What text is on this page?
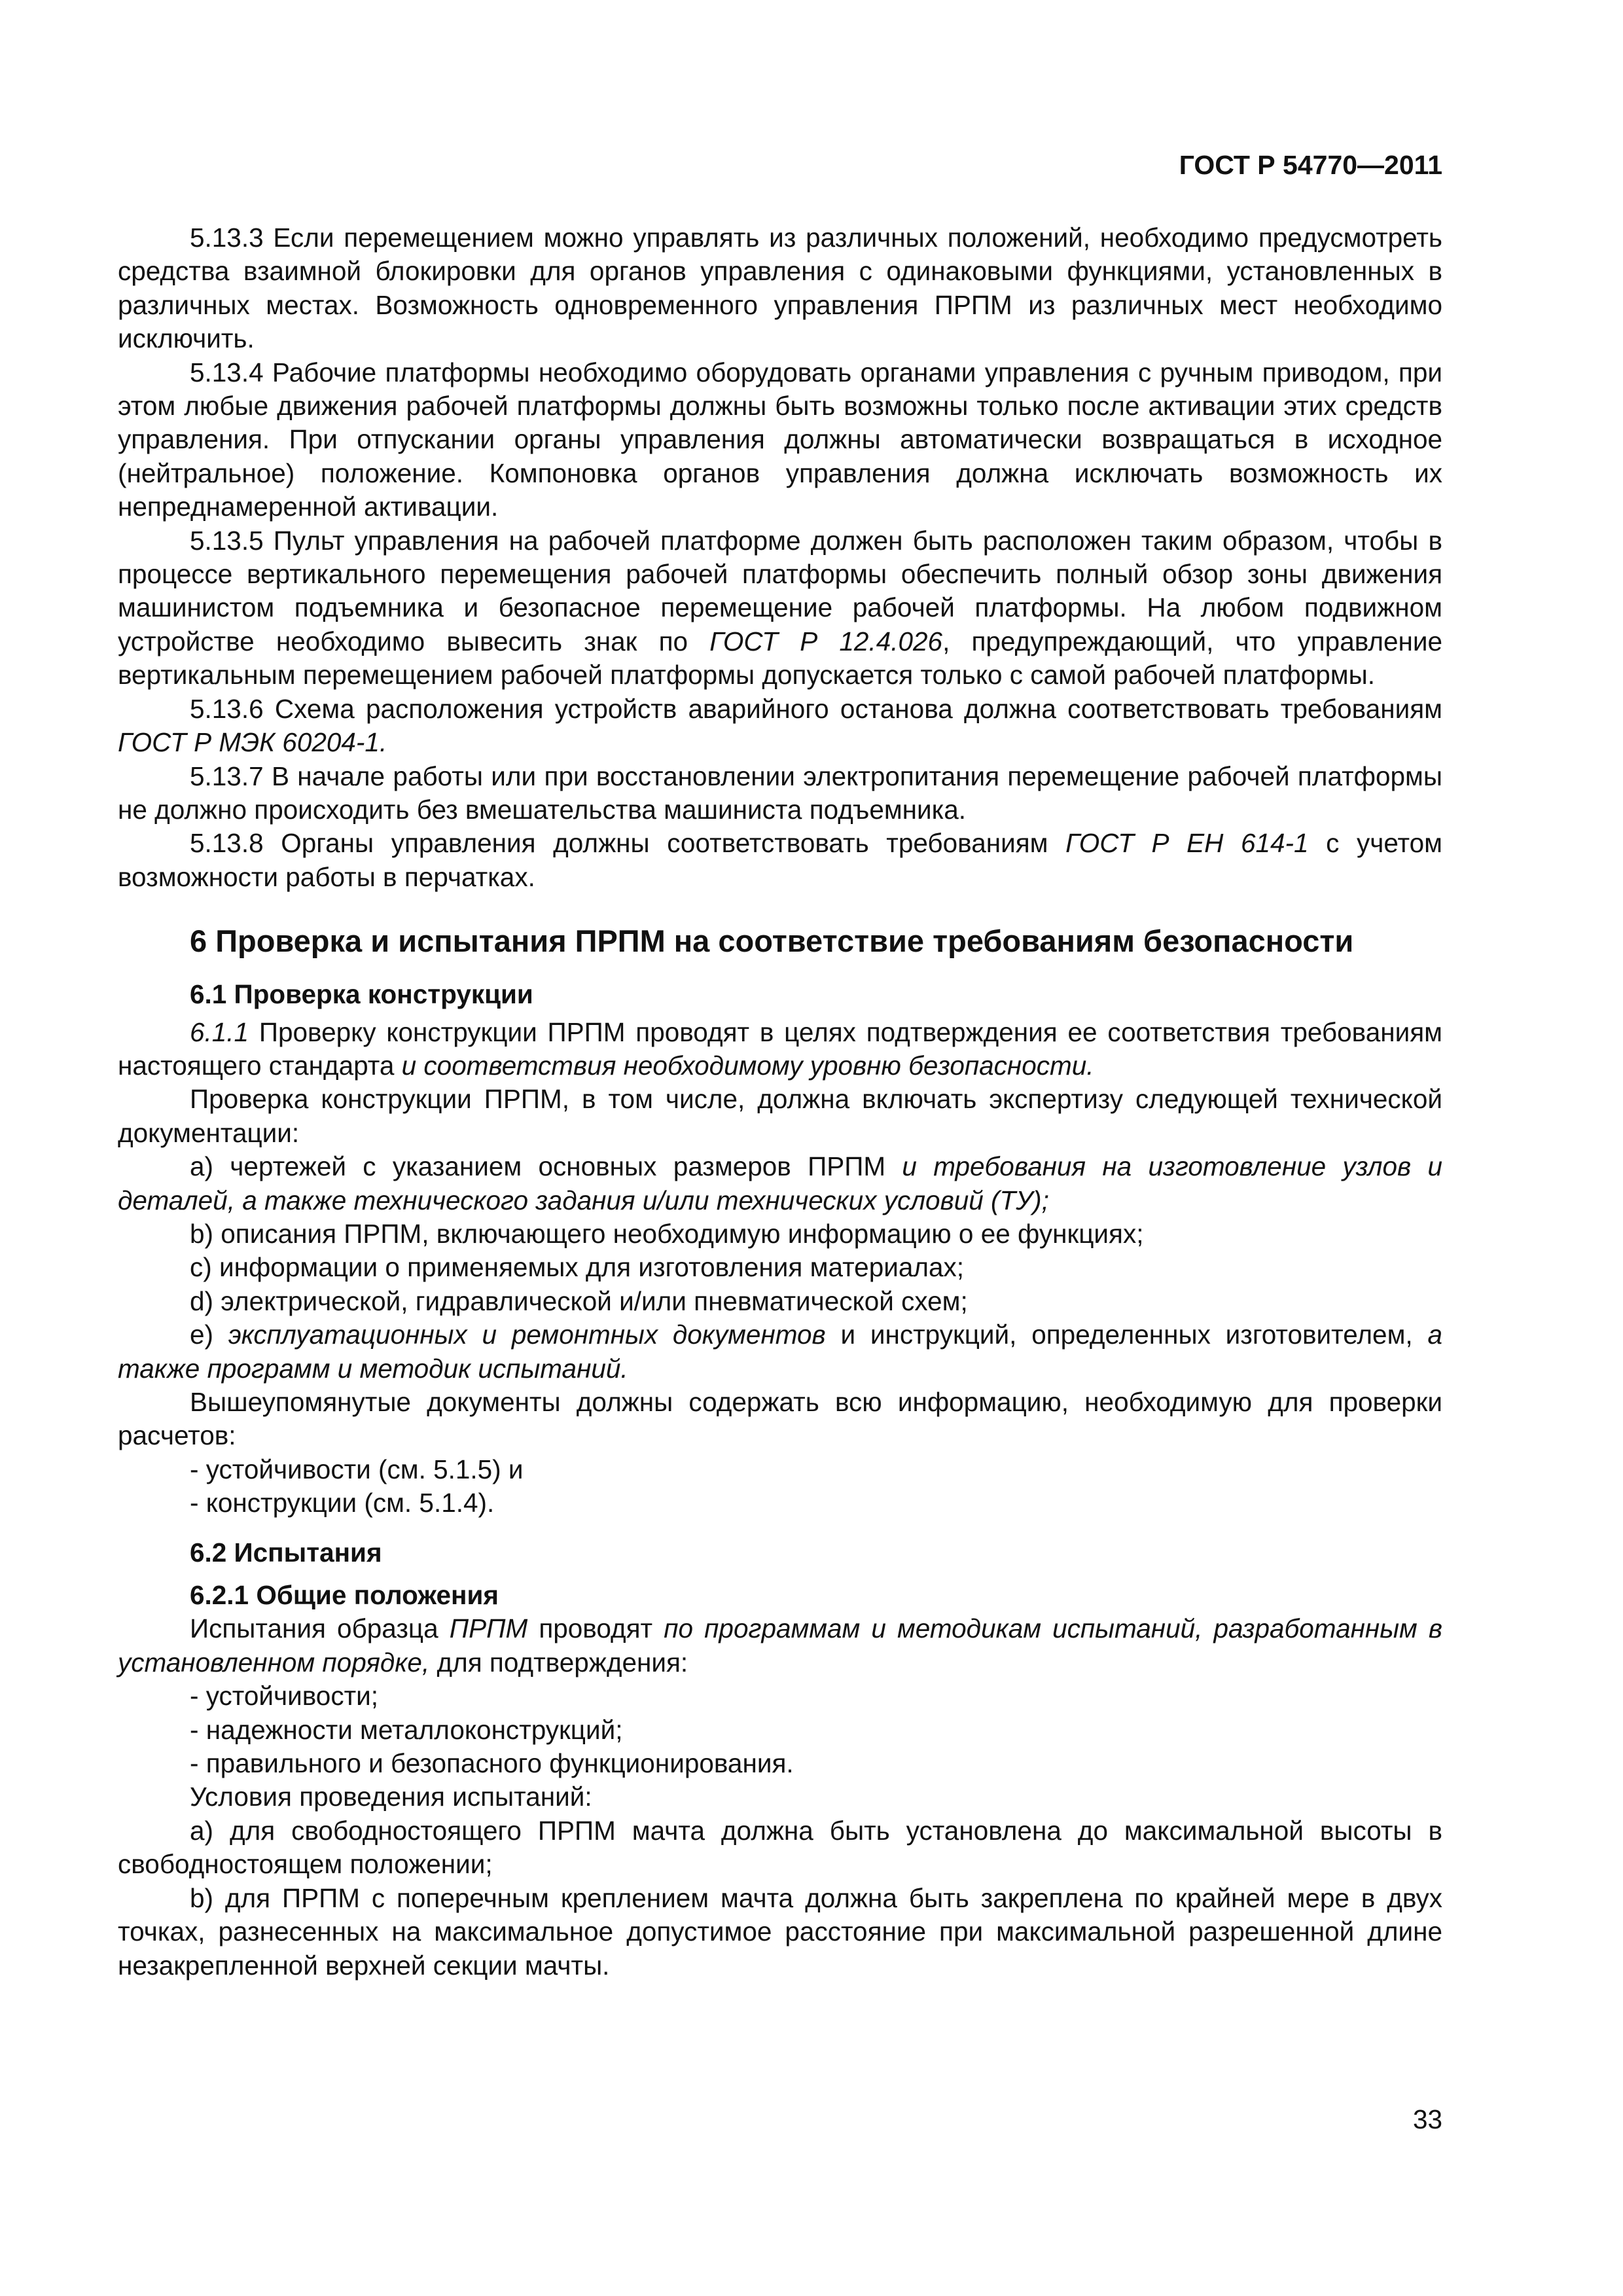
ГОСТ Р 54770—2011

5.13.3 Если перемещением можно управлять из различных положений, необходимо предусмотреть средства взаимной блокировки для органов управления с одинаковыми функциями, установленных в различных местах. Возможность одновременного управления ПРПМ из различных мест необходимо исключить.

5.13.4 Рабочие платформы необходимо оборудовать органами управления с ручным приводом, при этом любые движения рабочей платформы должны быть возможны только после активации этих средств управления. При отпускании органы управления должны автоматически возвращаться в исходное (нейтральное) положение. Компоновка органов управления должна исключать возможность их непреднамеренной активации.

5.13.5 Пульт управления на рабочей платформе должен быть расположен таким образом, чтобы в процессе вертикального перемещения рабочей платформы обеспечить полный обзор зоны движения машинистом подъемника и безопасное перемещение рабочей платформы. На любом подвижном устройстве необходимо вывесить знак по ГОСТ Р 12.4.026, предупреждающий, что управление вертикальным перемещением рабочей платформы допускается только с самой рабочей платформы.

5.13.6 Схема расположения устройств аварийного останова должна соответствовать требованиям ГОСТ Р МЭК 60204-1.

5.13.7 В начале работы или при восстановлении электропитания перемещение рабочей платформы не должно происходить без вмешательства машиниста подъемника.

5.13.8 Органы управления должны соответствовать требованиям ГОСТ Р ЕН 614-1 с учетом возможности работы в перчатках.

6 Проверка и испытания ПРПМ на соответствие требованиям безопасности
6.1 Проверка конструкции

6.1.1 Проверку конструкции ПРПМ проводят в целях подтверждения ее соответствия требованиям настоящего стандарта и соответствия необходимому уровню безопасности.

Проверка конструкции ПРПМ, в том числе, должна включать экспертизу следующей технической документации:

а) чертежей с указанием основных размеров ПРПМ и требования на изготовление узлов и деталей, а также технического задания и/или технических условий (ТУ);

b) описания ПРПМ, включающего необходимую информацию о ее функциях;

c) информации о применяемых для изготовления материалах;

d) электрической, гидравлической и/или пневматической схем;

е) эксплуатационных и ремонтных документов и инструкций, определенных изготовителем, а также программ и методик испытаний.

Вышеупомянутые документы должны содержать всю информацию, необходимую для проверки расчетов:

- устойчивости (см. 5.1.5) и

- конструкции (см. 5.1.4).

6.2 Испытания
6.2.1 Общие положения

Испытания образца ПРПМ проводят по программам и методикам испытаний, разработанным в установленном порядке, для подтверждения:

- устойчивости;

- надежности металлоконструкций;

- правильного и безопасного функционирования.

Условия проведения испытаний:

а) для свободностоящего ПРПМ мачта должна быть установлена до максимальной высоты в свободностоящем положении;

b) для ПРПМ с поперечным креплением мачта должна быть закреплена по крайней мере в двух точках, разнесенных на максимальное допустимое расстояние при максимальной разрешенной длине незакрепленной верхней секции мачты.

33
